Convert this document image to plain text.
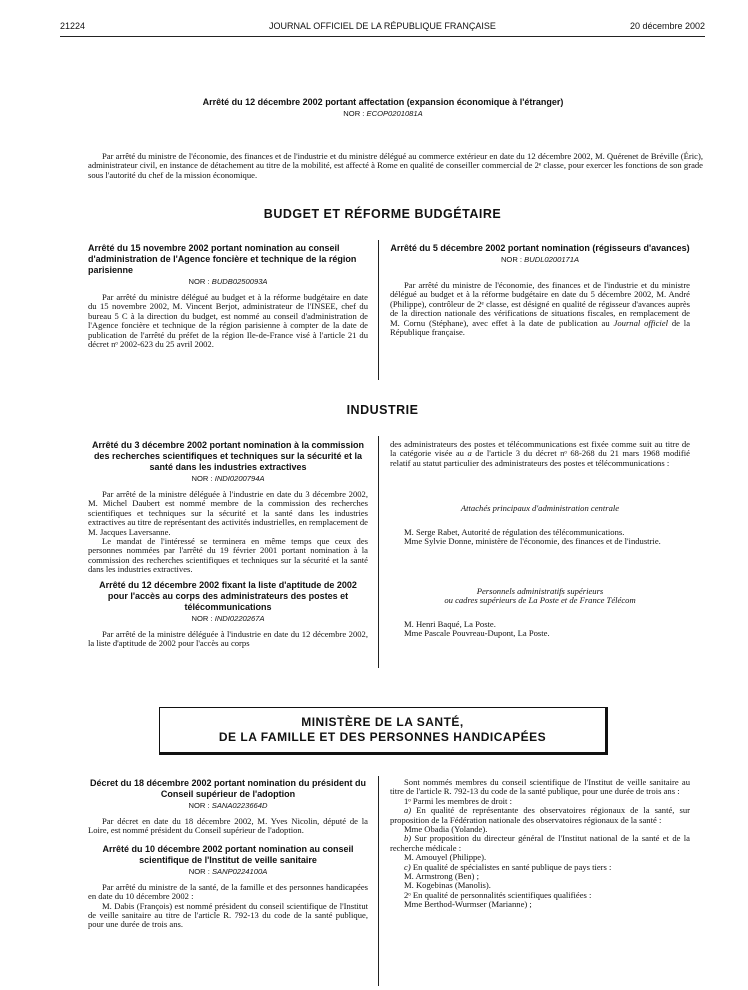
21224	JOURNAL OFFICIEL DE LA RÉPUBLIQUE FRANÇAISE	20 décembre 2002
Arrêté du 12 décembre 2002 portant affectation (expansion économique à l'étranger)
NOR : ECOP0201081A

Par arrêté du ministre de l'économie, des finances et de l'industrie et du ministre délégué au commerce extérieur en date du 12 décembre 2002, M. Quérenet de Bréville (Éric), administrateur civil, en instance de détachement au titre de la mobilité, est affecté à Rome en qualité de conseiller commercial de 2ᵉ classe, pour exercer les fonctions de son grade sous l'autorité du chef de la mission économique.

BUDGET ET RÉFORME BUDGÉTAIRE
Arrêté du 15 novembre 2002 portant nomination au conseil d'administration de l'Agence foncière et technique de la région parisienne
NOR : BUDB0250093A

Par arrêté du ministre délégué au budget et à la réforme budgétaire en date du 15 novembre 2002, M. Vincent Berjot, administrateur de l'INSEE, chef du bureau 5 C à la direction du budget, est nommé au conseil d'administration de l'Agence foncière et technique de la région parisienne à compter de la date de publication de l'arrêté du préfet de la région Ile-de-France visé à l'article 21 du décret nᵒ 2002-623 du 25 avril 2002.

Arrêté du 5 décembre 2002 portant nomination (régisseurs d'avances)
NOR : BUDL0200171A

Par arrêté du ministre de l'économie, des finances et de l'industrie et du ministre délégué au budget et à la réforme budgétaire en date du 5 décembre 2002, M. André (Philippe), contrôleur de 2ᵉ classe, est désigné en qualité de régisseur d'avances auprès de la direction nationale des vérifications de situations fiscales, en remplacement de M. Cornu (Stéphane), avec effet à la date de publication au Journal officiel de la République française.

INDUSTRIE
Arrêté du 3 décembre 2002 portant nomination à la commission des recherches scientifiques et techniques sur la sécurité et la santé dans les industries extractives
NOR : INDI0200794A

Par arrêté de la ministre déléguée à l'industrie en date du 3 décembre 2002, M. Michel Daubert est nommé membre de la commission des recherches scientifiques et techniques sur la sécurité et la santé dans les industries extractives au titre de représentant des activités industrielles, en remplacement de M. Jacques Laversanne.

Le mandat de l'intéressé se terminera en même temps que ceux des personnes nommées par l'arrêté du 19 février 2001 portant nomination à la commission des recherches scientifiques et techniques sur la sécurité et la santé dans les industries extractives.

Arrêté du 12 décembre 2002 fixant la liste d'aptitude de 2002 pour l'accès au corps des administrateurs des postes et télécommunications
NOR : INDI0220267A

Par arrêté de la ministre déléguée à l'industrie en date du 12 décembre 2002, la liste d'aptitude de 2002 pour l'accès au corps

des administrateurs des postes et télécommunications est fixée comme suit au titre de la catégorie visée au a de l'article 3 du décret nᵒ 68-268 du 21 mars 1968 modifié relatif au statut particulier des administrateurs des postes et télécommunications :

Attachés principaux d'administration centrale

M. Serge Rabet, Autorité de régulation des télécommunications.

Mme Sylvie Donne, ministère de l'économie, des finances et de l'industrie.

Personnels administratifs supérieurs
ou cadres supérieurs de La Poste et de France Télécom

M. Henri Baqué, La Poste.

Mme Pascale Pouvreau-Dupont, La Poste.

MINISTÈRE DE LA SANTÉ,
DE LA FAMILLE ET DES PERSONNES HANDICAPÉES
Décret du 18 décembre 2002 portant nomination du président du Conseil supérieur de l'adoption
NOR : SANA0223664D

Par décret en date du 18 décembre 2002, M. Yves Nicolin, député de la Loire, est nommé président du Conseil supérieur de l'adoption.

Arrêté du 10 décembre 2002 portant nomination au conseil scientifique de l'Institut de veille sanitaire
NOR : SANP0224100A

Par arrêté du ministre de la santé, de la famille et des personnes handicapées en date du 10 décembre 2002 :

M. Dabis (François) est nommé président du conseil scientifique de l'Institut de veille sanitaire au titre de l'article R. 792-13 du code de la santé publique, pour une durée de trois ans.

Sont nommés membres du conseil scientifique de l'Institut de veille sanitaire au titre de l'article R. 792-13 du code de la santé publique, pour une durée de trois ans :

1ᵒ Parmi les membres de droit :

a) En qualité de représentante des observatoires régionaux de la santé, sur proposition de la Fédération nationale des observatoires régionaux de la santé :

Mme Obadia (Yolande).

b) Sur proposition du directeur général de l'Institut national de la santé et de la recherche médicale :

M. Amouyel (Philippe).

c) En qualité de spécialistes en santé publique de pays tiers :

M. Armstrong (Ben) ;

M. Kogebinas (Manolis).

2ᵒ En qualité de personnalités scientifiques qualifiées :

Mme Berthod-Wurmser (Marianne) ;
